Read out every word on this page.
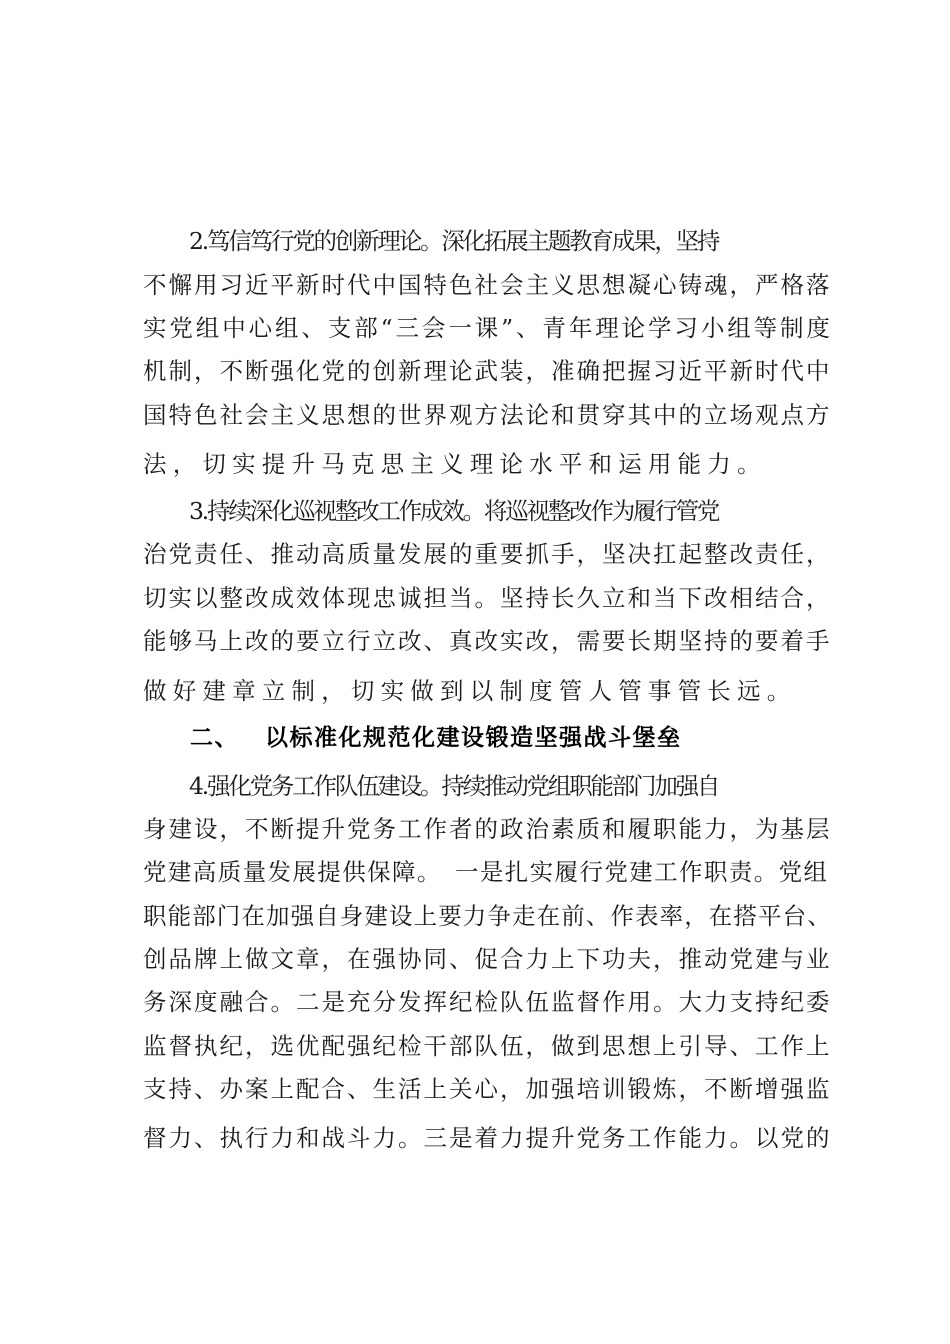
2.笃信笃行党的创新理论。深化拓展主题教育成果，坚持
不懈用习近平新时代中国特色社会主义思想凝心铸魂，严格落
实党组中心组、支部“三会一课”、青年理论学习小组等制度
机制，不断强化党的创新理论武装，准确把握习近平新时代中
国特色社会主义思想的世界观方法论和贯穿其中的立场观点方
法，切实提升马克思主义理论水平和运用能力。
3.持续深化巡视整改工作成效。将巡视整改作为履行管党
治党责任、推动高质量发展的重要抓手，坚决扛起整改责任，
切实以整改成效体现忠诚担当。坚持长久立和当下改相结合，
能够马上改的要立行立改、真改实改，需要长期坚持的要着手
做好建章立制，切实做到以制度管人管事管长远。
二、 以标准化规范化建设锻造坚强战斗堡垒
4.强化党务工作队伍建设。持续推动党组职能部门加强自
身建设，不断提升党务工作者的政治素质和履职能力，为基层
党建高质量发展提供保障。　一是扎实履行党建工作职责。党组
职能部门在加强自身建设上要力争走在前、作表率，在搭平台、
创品牌上做文章，在强协同、促合力上下功夫，推动党建与业
务深度融合。二是充分发挥纪检队伍监督作用。大力支持纪委
监督执纪，选优配强纪检干部队伍，做到思想上引导、工作上
支持、办案上配合、生活上关心，加强培训锻炼，不断增强监
督力、执行力和战斗力。三是着力提升党务工作能力。以党的
